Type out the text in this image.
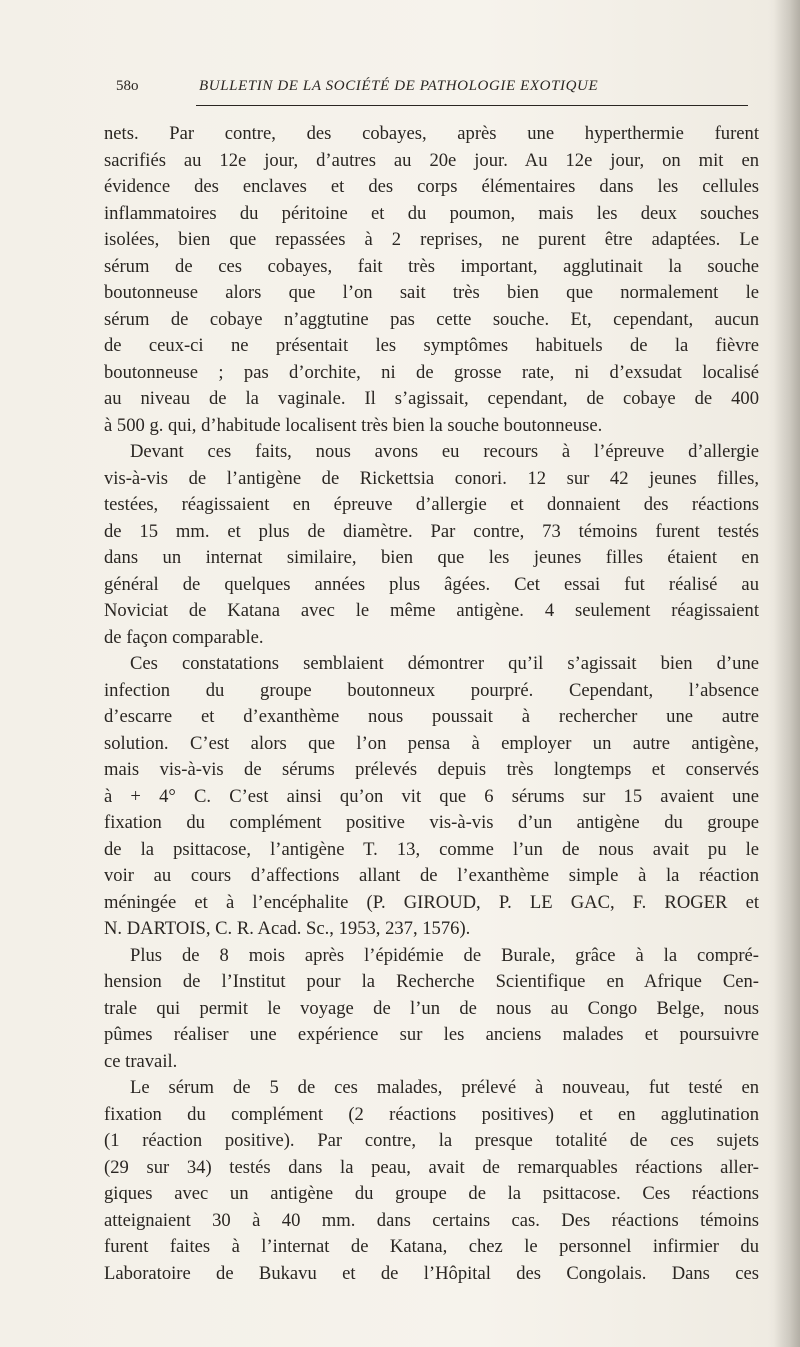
58o	BULLETIN DE LA SOCIÉTÉ DE PATHOLOGIE EXOTIQUE
nets. Par contre, des cobayes, après une hyperthermie furent
sacrifiés au 12e jour, d’autres au 20e jour. Au 12e jour, on mit en
évidence des enclaves et des corps élémentaires dans les cellules
inflammatoires du péritoine et du poumon, mais les deux souches
isolées, bien que repassées à 2 reprises, ne purent être adaptées. Le
sérum de ces cobayes, fait très important, agglutinait la souche
boutonneuse alors que l’on sait très bien que normalement le
sérum de cobaye n’aggtutine pas cette souche. Et, cependant, aucun
de ceux-ci ne présentait les symptômes habituels de la fièvre
boutonneuse ; pas d’orchite, ni de grosse rate, ni d’exsudat localisé
au niveau de la vaginale. Il s’agissait, cependant, de cobaye de 400
à 500 g. qui, d’habitude localisent très bien la souche boutonneuse.
Devant ces faits, nous avons eu recours à l’épreuve d’allergie
vis-à-vis de l’antigène de Rickettsia conori. 12 sur 42 jeunes filles,
testées, réagissaient en épreuve d’allergie et donnaient des réactions
de 15 mm. et plus de diamètre. Par contre, 73 témoins furent testés
dans un internat similaire, bien que les jeunes filles étaient en
général de quelques années plus âgées. Cet essai fut réalisé au
Noviciat de Katana avec le même antigène. 4 seulement réagissaient
de façon comparable.
Ces constatations semblaient démontrer qu’il s’agissait bien d’une
infection du groupe boutonneux pourpré. Cependant, l’absence
d’escarre et d’exanthème nous poussait à rechercher une autre
solution. C’est alors que l’on pensa à employer un autre antigène,
mais vis-à-vis de sérums prélevés depuis très longtemps et conservés
à + 4° C. C’est ainsi qu’on vit que 6 sérums sur 15 avaient une
fixation du complément positive vis-à-vis d’un antigène du groupe
de la psittacose, l’antigène T. 13, comme l’un de nous avait pu le
voir au cours d’affections allant de l’exanthème simple à la réaction
méningée et à l’encéphalite (P. GIROUD, P. LE GAC, F. ROGER et
N. DARTOIS, C. R. Acad. Sc., 1953, 237, 1576).
Plus de 8 mois après l’épidémie de Burale, grâce à la compré-
hension de l’Institut pour la Recherche Scientifique en Afrique Cen-
trale qui permit le voyage de l’un de nous au Congo Belge, nous
pûmes réaliser une expérience sur les anciens malades et poursuivre
ce travail.
Le sérum de 5 de ces malades, prélevé à nouveau, fut testé en
fixation du complément (2 réactions positives) et en agglutination
(1 réaction positive). Par contre, la presque totalité de ces sujets
(29 sur 34) testés dans la peau, avait de remarquables réactions aller-
giques avec un antigène du groupe de la psittacose. Ces réactions
atteignaient 30 à 40 mm. dans certains cas. Des réactions témoins
furent faites à l’internat de Katana, chez le personnel infirmier du
Laboratoire de Bukavu et de l’Hôpital des Congolais. Dans ces
